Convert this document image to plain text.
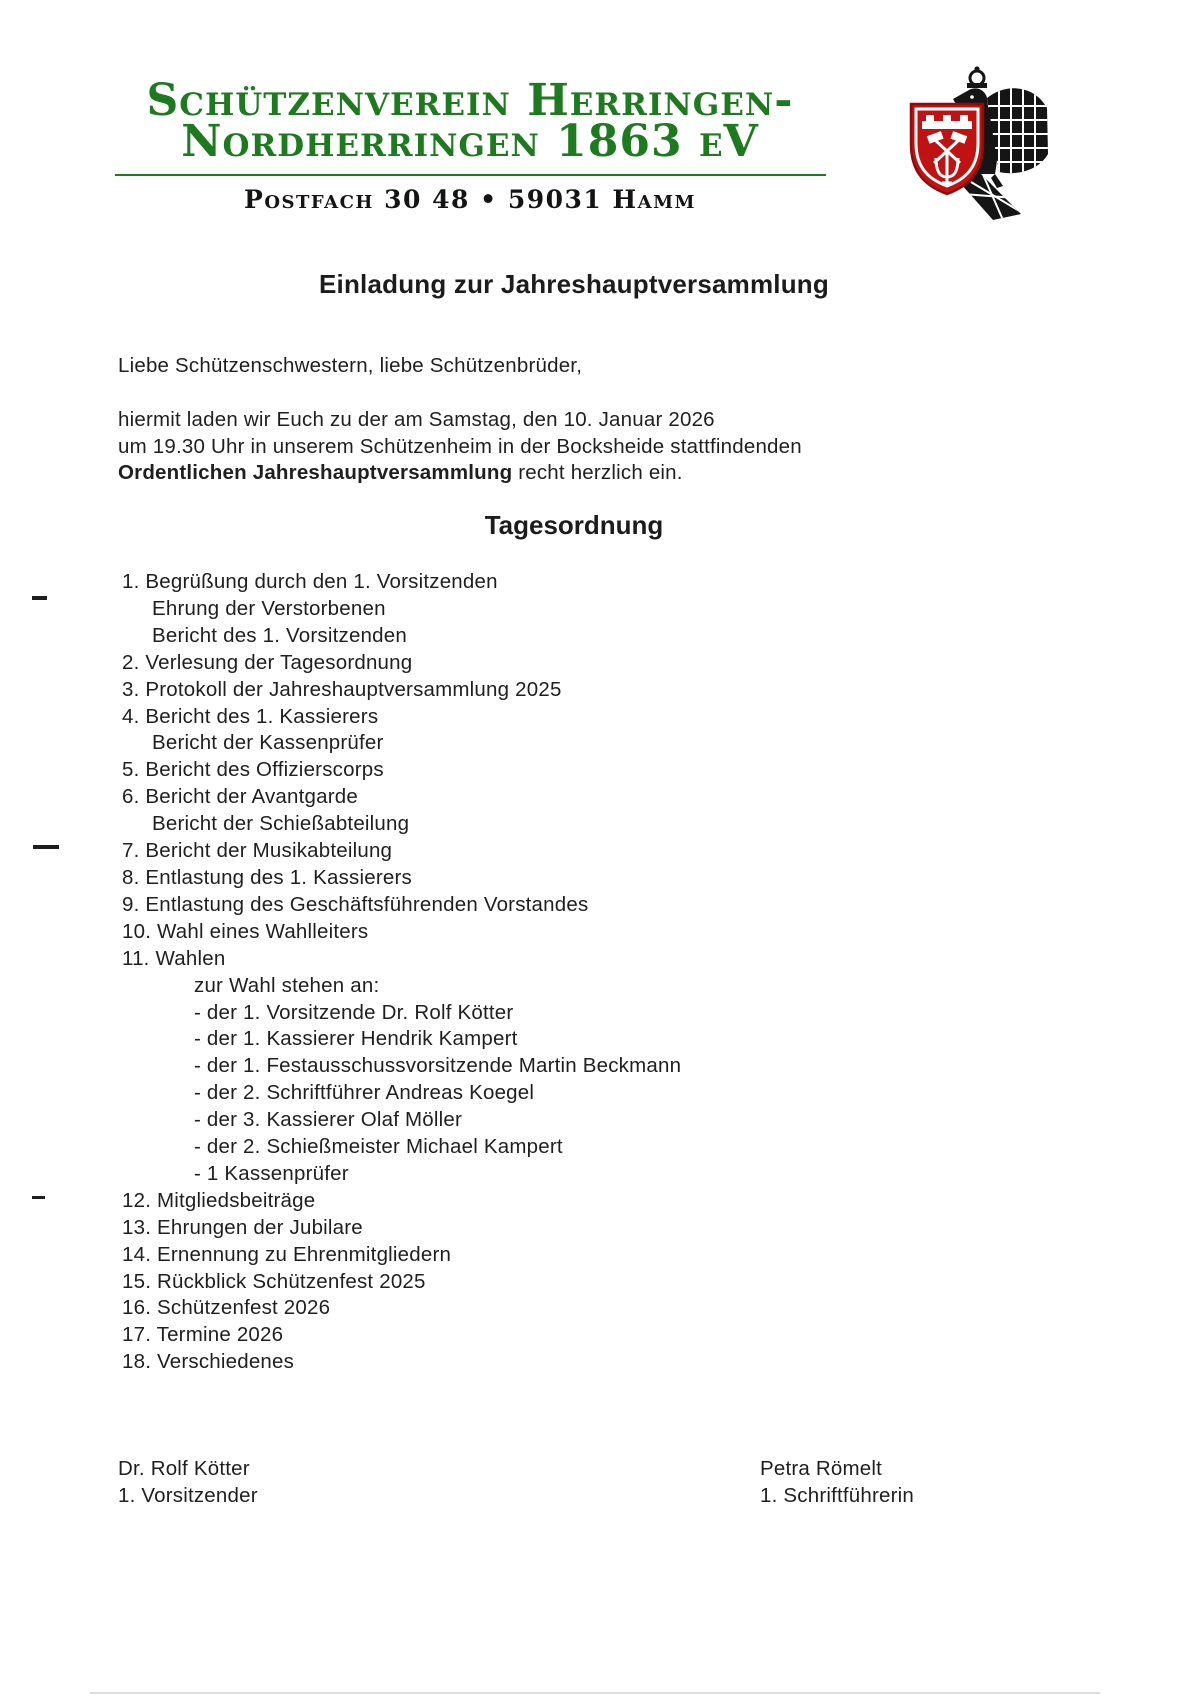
Schützenverein Herringen-
Nordherringen 1863 eV
Postfach 30 48 • 59031 Hamm
Einladung zur Jahreshauptversammlung
Liebe Schützenschwestern, liebe Schützenbrüder,
hiermit laden wir Euch zu der am Samstag, den 10. Januar 2026
um 19.30 Uhr in unserem Schützenheim in der Bocksheide stattfindenden
Ordentlichen Jahreshauptversammlung recht herzlich ein.
Tagesordnung
1. Begrüßung durch den 1. Vorsitzenden
Ehrung der Verstorbenen
Bericht des 1. Vorsitzenden
2. Verlesung der Tagesordnung
3. Protokoll der Jahreshauptversammlung 2025
4. Bericht des 1. Kassierers
Bericht der Kassenprüfer
5. Bericht des Offizierscorps
6. Bericht der Avantgarde
Bericht der Schießabteilung
7. Bericht der Musikabteilung
8. Entlastung des 1. Kassierers
9. Entlastung des Geschäftsführenden Vorstandes
10. Wahl eines Wahlleiters
11. Wahlen
zur Wahl stehen an:
- der 1. Vorsitzende Dr. Rolf Kötter
- der 1. Kassierer Hendrik Kampert
- der 1. Festausschussvorsitzende Martin Beckmann
- der 2. Schriftführer Andreas Koegel
- der 3. Kassierer Olaf Möller
- der 2. Schießmeister Michael Kampert
- 1 Kassenprüfer
12. Mitgliedsbeiträge
13. Ehrungen der Jubilare
14. Ernennung zu Ehrenmitgliedern
15. Rückblick Schützenfest 2025
16. Schützenfest 2026
17. Termine 2026
18. Verschiedenes
Dr. Rolf Kötter
1. Vorsitzender
Petra Römelt
1. Schriftführerin
